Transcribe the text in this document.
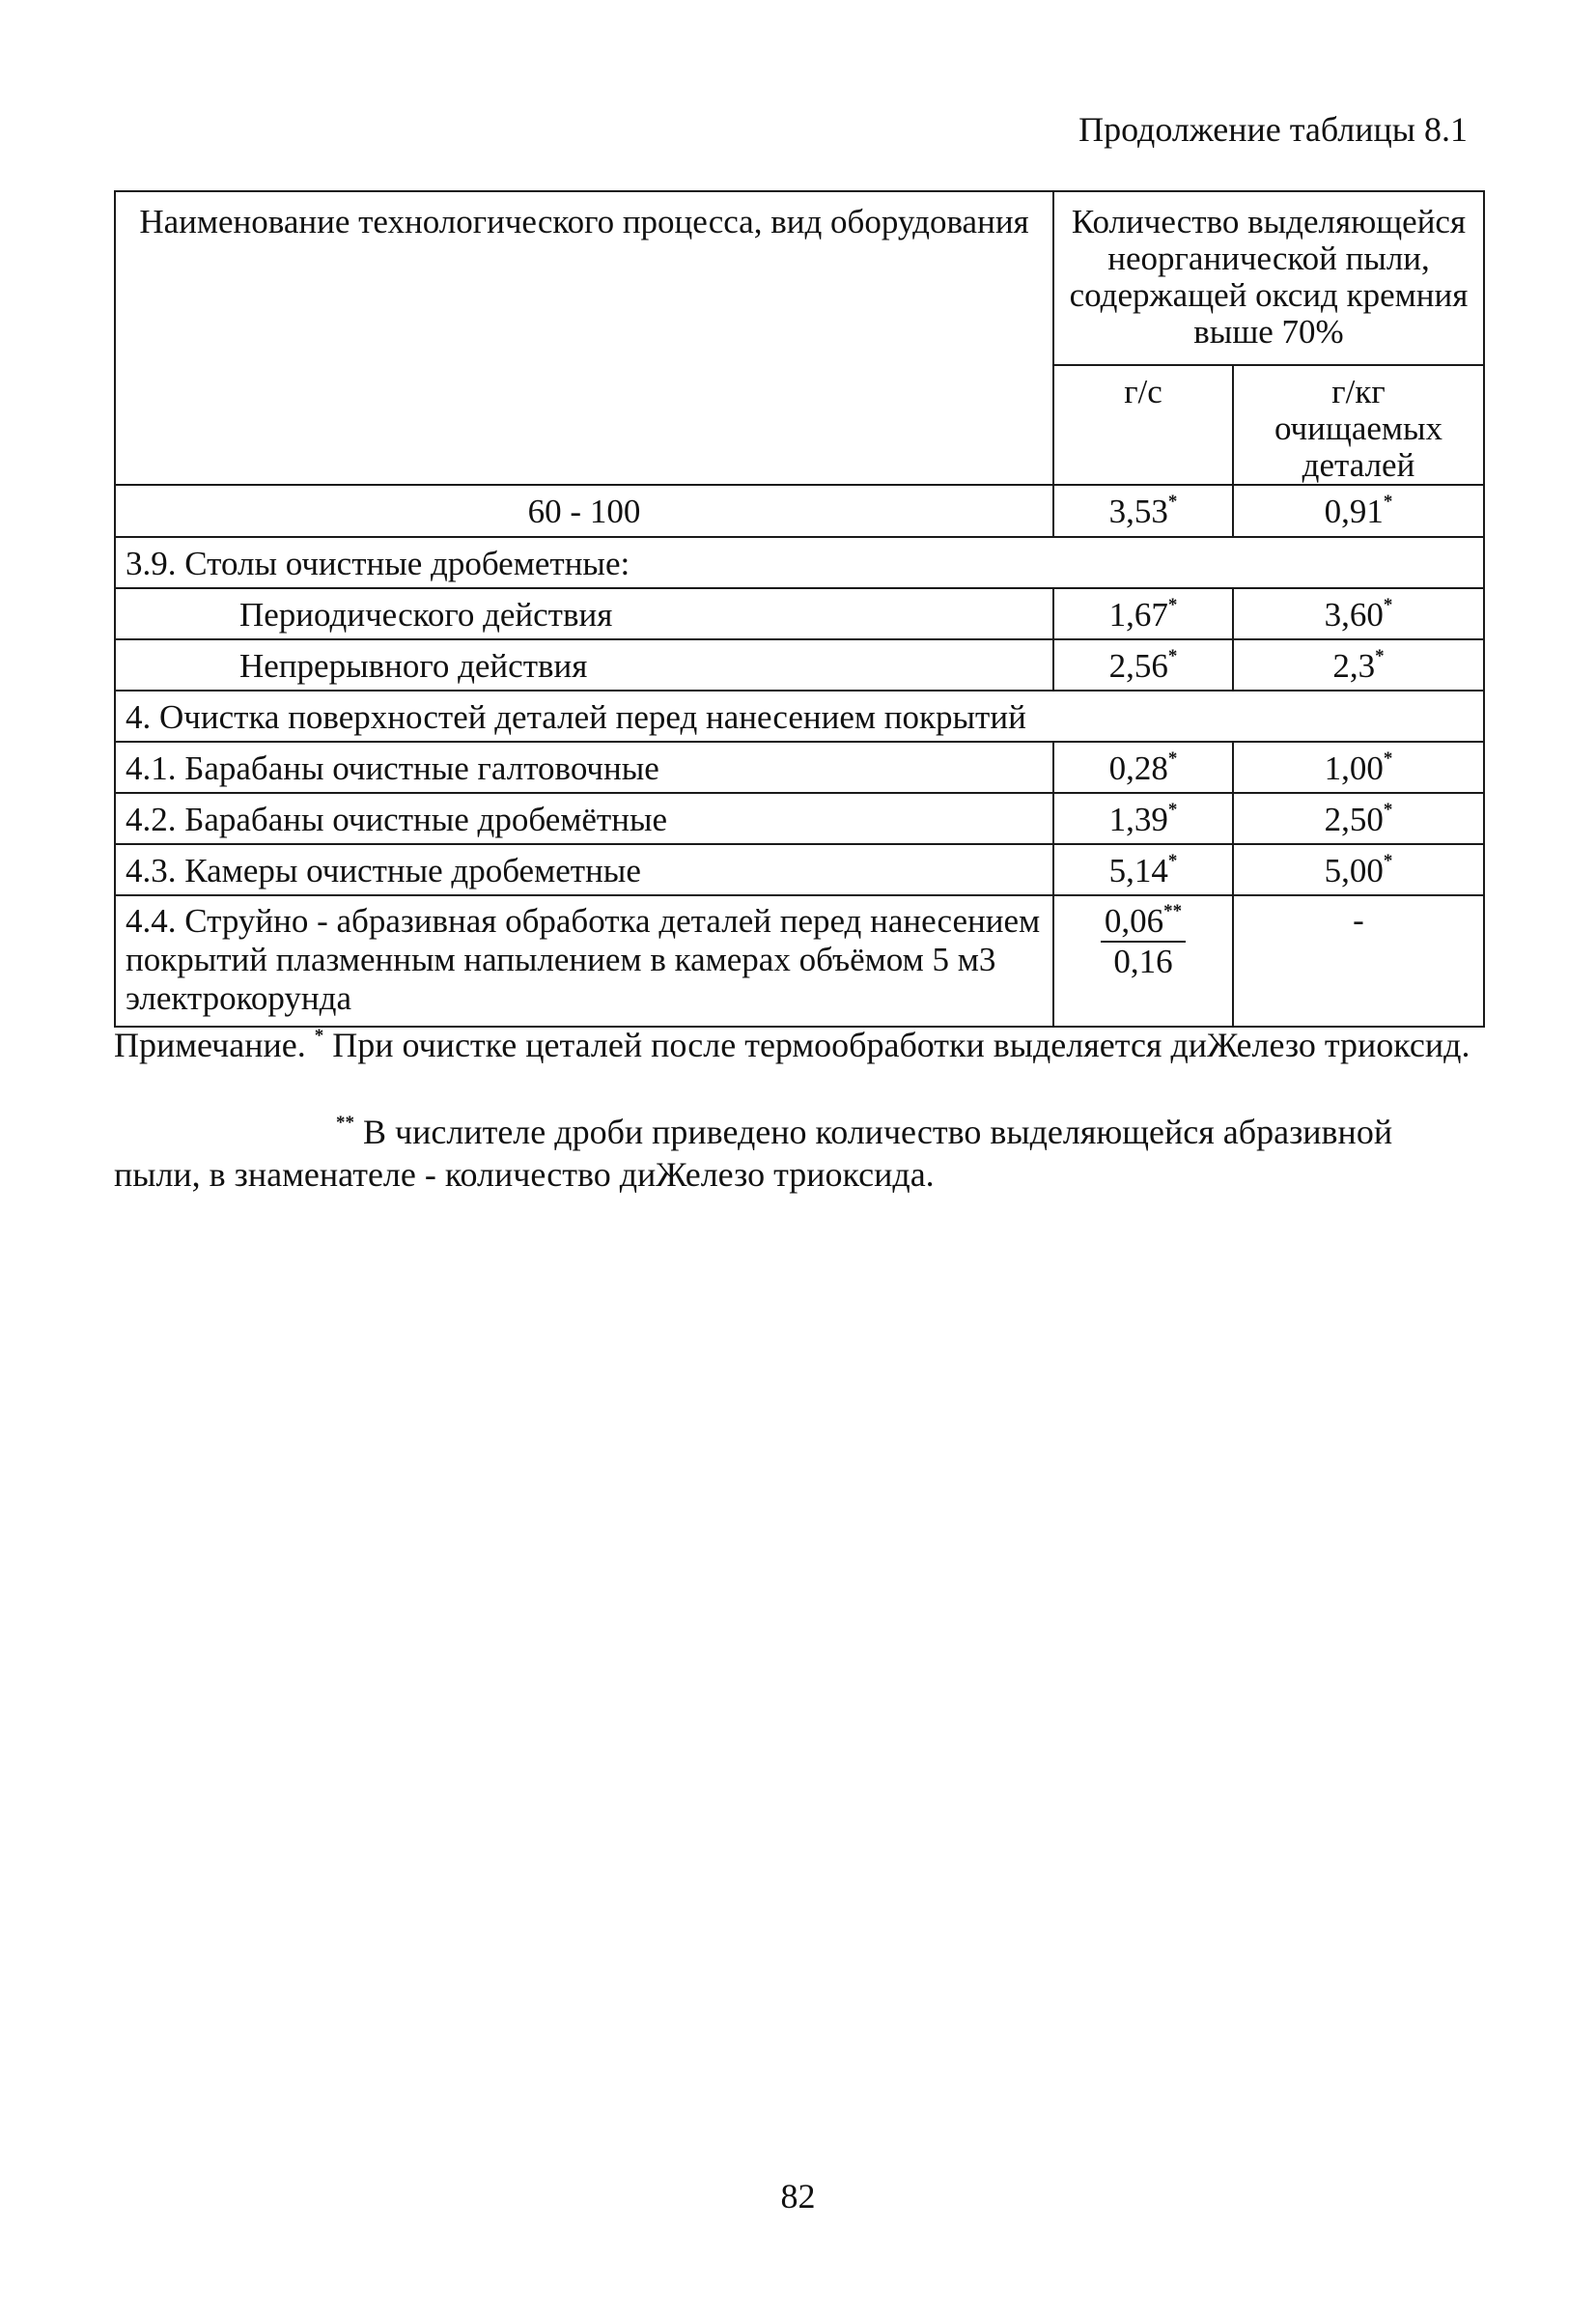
Продолжение таблицы 8.1
Наименование технологического процесса, вид оборудования	Количество выделяющейся неорганической пыли, содержащей оксид кремния выше 70%	
	г/с	г/кг очищаемых деталей
60 - 100	3,53*	0,91*
3.9. Столы очистные дробеметные:		
Периодического действия	1,67*	3,60*
Непрерывного действия	2,56*	2,3*
4. Очистка поверхностей деталей перед нанесением покрытий		
4.1. Барабаны очистные галтовочные	0,28*	1,00*
4.2. Барабаны очистные дробемётные	1,39*	2,50*
4.3. Камеры очистные дробеметные	5,14*	5,00*
4.4. Струйно - абразивная обработка деталей перед нанесением покрытий плазменным напылением в камерах объёмом 5 м3 электрокорунда	$\frac{0,06^{**}}{0,16}$	-
Примечание. * При очистке цеталей после термообработки выделяется диЖелезо триоксид.
** В числителе дроби приведено количество выделяющейся абразивной пыли, в знаменателе - количество диЖелезо триоксида.
82
